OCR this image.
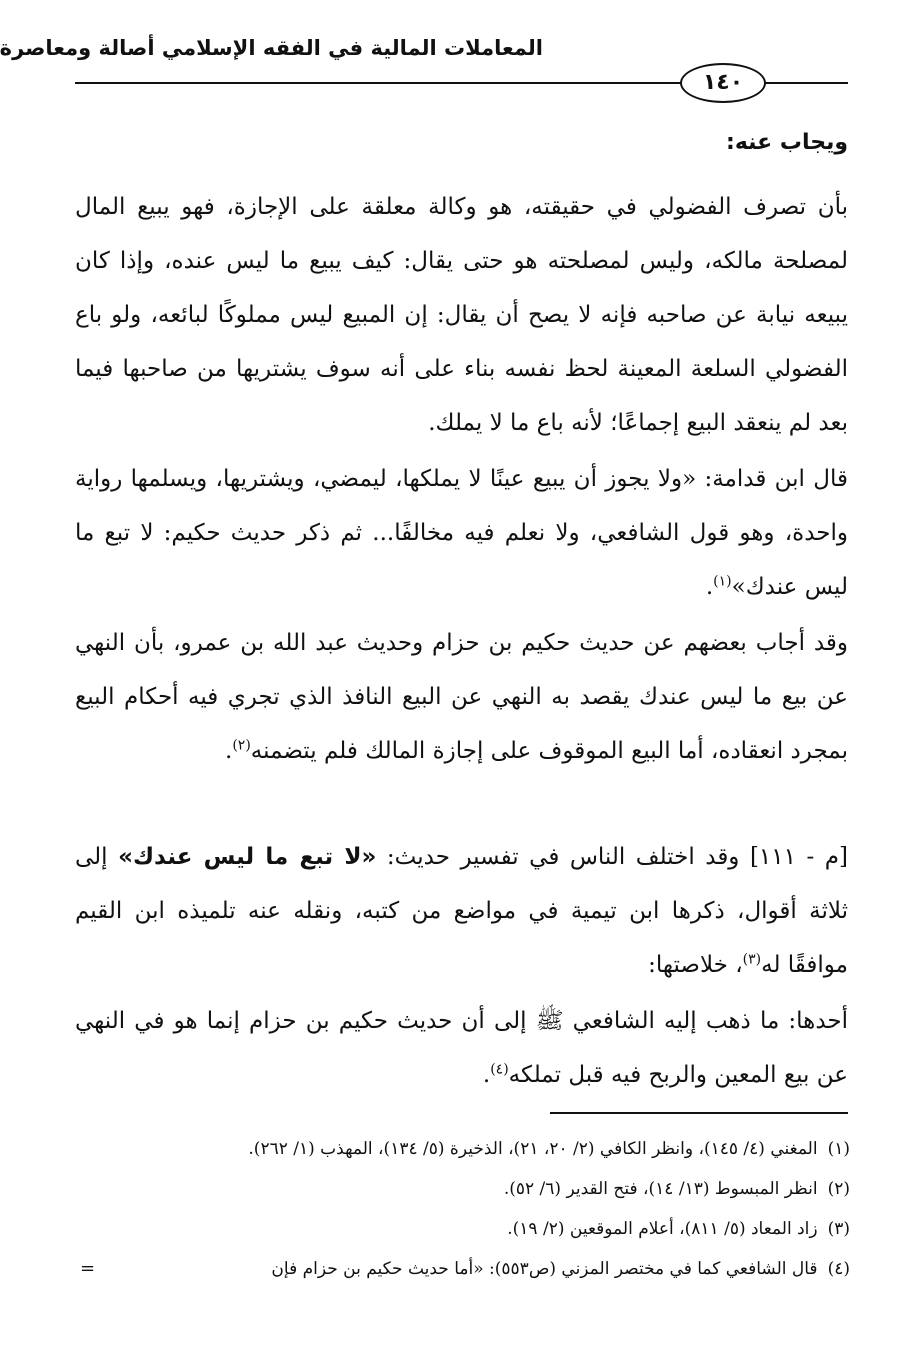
المعاملات المالية في الفقه الإسلامي أصالة ومعاصرة
١٤٠
ويجاب عنه:
بأن تصرف الفضولي في حقيقته، هو وكالة معلقة على الإجازة، فهو يبيع المال لمصلحة مالكه، وليس لمصلحته هو حتى يقال: كيف يبيع ما ليس عنده، وإذا كان يبيعه نيابة عن صاحبه فإنه لا يصح أن يقال: إن المبيع ليس مملوكًا لبائعه، ولو باع الفضولي السلعة المعينة لحظ نفسه بناء على أنه سوف يشتريها من صاحبها فيما بعد لم ينعقد البيع إجماعًا؛ لأنه باع ما لا يملك.
قال ابن قدامة: «ولا يجوز أن يبيع عينًا لا يملكها، ليمضي، ويشتريها، ويسلمها رواية واحدة، وهو قول الشافعي، ولا نعلم فيه مخالفًا... ثم ذكر حديث حكيم: لا تبع ما ليس عندك»$^{(١)}$.
وقد أجاب بعضهم عن حديث حكيم بن حزام وحديث عبد الله بن عمرو، بأن النهي عن بيع ما ليس عندك يقصد به النهي عن البيع النافذ الذي تجري فيه أحكام البيع بمجرد انعقاده، أما البيع الموقوف على إجازة المالك فلم يتضمنه$^{(٢)}$.
[م - ١١١] وقد اختلف الناس في تفسير حديث: «لا تبع ما ليس عندك» إلى ثلاثة أقوال، ذكرها ابن تيمية في مواضع من كتبه، ونقله عنه تلميذه ابن القيم موافقًا له$^{(٣)}$، خلاصتها:
أحدها: ما ذهب إليه الشافعي ﷺ إلى أن حديث حكيم بن حزام إنما هو في النهي عن بيع المعين والربح فيه قبل تملكه$^{(٤)}$.
(١)المغني (٤/ ١٤٥)، وانظر الكافي (٢/ ٢٠، ٢١)، الذخيرة (٥/ ١٣٤)، المهذب (١/ ٢٦٢).
(٢)انظر المبسوط (١٣/ ١٤)، فتح القدير (٦/ ٥٢).
(٣)زاد المعاد (٥/ ٨١١)، أعلام الموقعين (٢/ ١٩).
(٤)قال الشافعي كما في مختصر المزني (ص٥٥٣): «أما حديث حكيم بن حزام فإن
=
